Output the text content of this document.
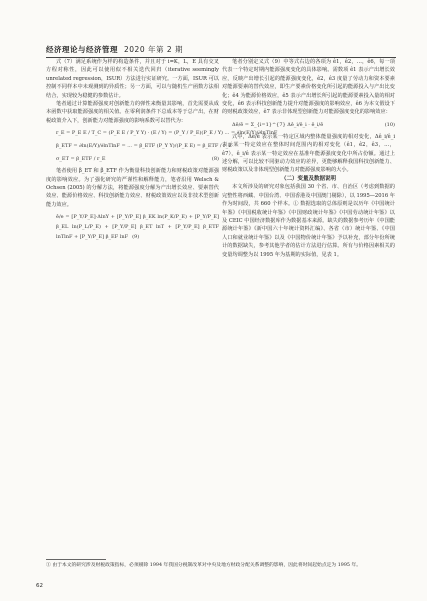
经济理论与经济管理 2020 年第 2 期

式（7）满足系统作为样的构造条件，并且对于 i=K，L，E 具有交叉方程对称性，因此可以使用似不相关迭代回归（iterative seemingly unrelated regression，ISUR）方法进行实证研究。一方面，ISUR 可以控制不同样本中未观测到的异质性；另一方面，可以与随机生产函数方法相结合，实现较为稳健的参数估计。

笔者通过计算能源强度对创新能力的弹性来衡量其影响，首先需要从成本函数中获取能源强度的相关值。在零利润条件下总成本等于总产出，在财税政策介入下，创新能力对能源强度的影响系数可以替代为：

r_E = P_E E / T_C = (P_E E / P_Y Y) · (E / Y) = (P_Y / P_E)(P_E / Y) ... = ∂ln(E/Y)/∂lnTlnF
β_ETF = ∂ln(E/Y)/∂lnTlnF = ... = β_ETF (P_Y Y)/(P_E E) = β_ETF / r_E
σ_ET = β_ETF / r_E	(8)

笔者使用 β_ET 和 β_ETF 作为衡量科技创新能力和财税政策对能源强度的影响效应。为了强化研究的严谨性和解释能力，笔者沿用 Welsch & Ochsen (2005) 的分解方法，将能源强度分解为产出增长效应、要素替代效应、能源价格效应、科技创新能力效应、财税政策效应以及非技术型创新能力效应。

ê/e = [P_Y/P_E]·ΔlnY + [P_Y/P_E] β_EK ln(P_K/P_E) + [P_Y/P_E] β_EL ln(P_L/P_E) + [P_Y/P_E] β_ET lnT + [P_Y/P_E] β_ETF lnTlnF + [P_Y/P_E] β_EF lnF (9)

笔者分别定义式（9）中等式右边的各项为 ê1，ê2，…，ê6，每一项代表一个特定时期内能源强度变化的具体影响。需数项 ê1 表示产出增长效应，反映产出增长引起的能源强度变化，ê2，ê3 度量了劳动力和资本要素对能源要素的替代效应，即生产要素价格变化所引起的能源投入与产出比变化；ê4 为能源价格效应，ê5 表示产出增长所引起的能源要素投入量的相对变化，ê6 表示科技创新能力提升对能源强度的影响效应，ê6 为本文假设下的财税政策效应，ê7 表示非体现型创新能力对能源强度变化的影响效应：

Δê/ê = Σ_{i=1}^{7} Δê_i/ê_i · ê_i/ê	(10)

式中，Δê/ê 表示某一特定区域内整体能量强度的相对变化，Δê_i/ê_i 表示某一特定效应在整体时间范围内的相对变化（ê1，ê2，ê3，…，ê7），ê_i/ê 表示某一特定效应在基准年能源强度变化中所占份额。通过上述分解，可以比较不同驱动力效应的差异，更能够解释我国科技创新能力、财税政策以及非体现型创新能力对能源强度影响的大小。

（二）变量及数据说明

本文所涉及的研究对象包括我国 30 个省、市、自治区（考虑到数据的完整性将西藏、中国台湾、中国香港及中国澳门剔除），以 1995—2016 年作为时间段，共 660 个样本。① 数据选取的总体原则是以历年《中国统计年鉴》《中国税收统计年鉴》《中国财政统计年鉴》《中国劳动统计年鉴》以及 CEIC 中国经济数据库作为数据基本来源。缺失的数据参考历年《中国能源统计年鉴》《新中国六十年统计资料汇编》、各省（市）统计年鉴、《中国人口和就业统计年鉴》以及《中国物价统计年鉴》予以补充，部分年份所统计的数据缺失，参考其他学者的估计方法进行估算。所有与价格因素相关的变量均调整为以 1995 年为基期的实际值，见表 1。

① 由于本文的研究涉及财税政策指标，必须剔除 1994 年我国分税制改革对中央及地方财政分配关系调整的影响，因此将时间起始点定为 1995 年。
62
